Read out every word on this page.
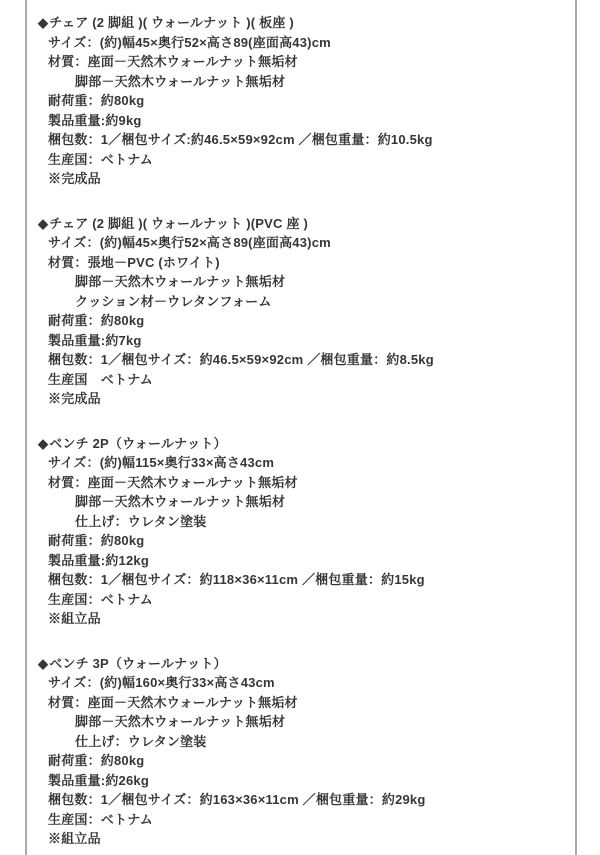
◆チェア (2 脚組 )( ウォールナット )( 板座 )
サイズ：(約)幅45×奥行52×高さ89(座面高43)cm
材質：座面－天然木ウォールナット無垢材
脚部－天然木ウォールナット無垢材
耐荷重：約80kg
製品重量:約9kg
梱包数：1／梱包サイズ:約46.5×59×92cm ／梱包重量：約10.5kg
生産国：ベトナム
※完成品
◆チェア (2 脚組 )( ウォールナット )(PVC 座 )
サイズ：(約)幅45×奥行52×高さ89(座面高43)cm
材質：張地－PVC (ホワイト)
脚部－天然木ウォールナット無垢材
クッション材－ウレタンフォーム
耐荷重：約80kg
製品重量:約7kg
梱包数：1／梱包サイズ：約46.5×59×92cm ／梱包重量：約8.5kg
生産国　ベトナム
※完成品
◆ベンチ 2P（ウォールナット）
サイズ：(約)幅115×奥行33×高さ43cm
材質：座面－天然木ウォールナット無垢材
脚部－天然木ウォールナット無垢材
仕上げ：ウレタン塗装
耐荷重：約80kg
製品重量:約12kg
梱包数：1／梱包サイズ：約118×36×11cm ／梱包重量：約15kg
生産国：ベトナム
※組立品
◆ベンチ 3P（ウォールナット）
サイズ：(約)幅160×奥行33×高さ43cm
材質：座面－天然木ウォールナット無垢材
脚部－天然木ウォールナット無垢材
仕上げ：ウレタン塗装
耐荷重：約80kg
製品重量:約26kg
梱包数：1／梱包サイズ：約163×36×11cm ／梱包重量：約29kg
生産国：ベトナム
※組立品
